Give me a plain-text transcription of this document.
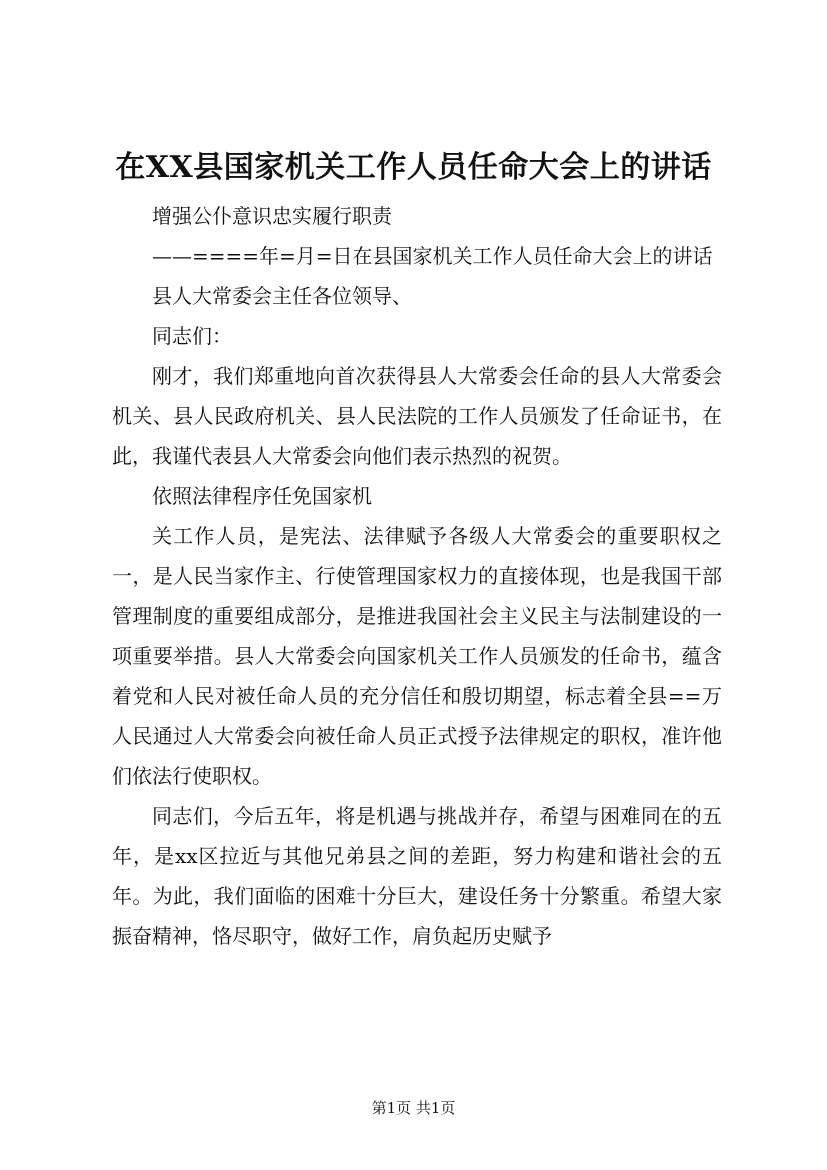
在XX县国家机关工作人员任命大会上的讲话

增强公仆意识忠实履行职责

——====年=月=日在县国家机关工作人员任命大会上的讲话

县人大常委会主任各位领导、

同志们：

刚才，我们郑重地向首次获得县人大常委会任命的县人大常委会机关、县人民政府机关、县人民法院的工作人员颁发了任命证书，在此，我谨代表县人大常委会向他们表示热烈的祝贺。

依照法律程序任免国家机

关工作人员，是宪法、法律赋予各级人大常委会的重要职权之一，是人民当家作主、行使管理国家权力的直接体现，也是我国干部管理制度的重要组成部分，是推进我国社会主义民主与法制建设的一项重要举措。县人大常委会向国家机关工作人员颁发的任命书，蕴含着党和人民对被任命人员的充分信任和殷切期望，标志着全县==万人民通过人大常委会向被任命人员正式授予法律规定的职权，准许他们依法行使职权。

同志们，今后五年，将是机遇与挑战并存，希望与困难同在的五年，是xx区拉近与其他兄弟县之间的差距，努力构建和谐社会的五年。为此，我们面临的困难十分巨大，建设任务十分繁重。希望大家振奋精神，恪尽职守，做好工作，肩负起历史赋予

第1页 共1页
